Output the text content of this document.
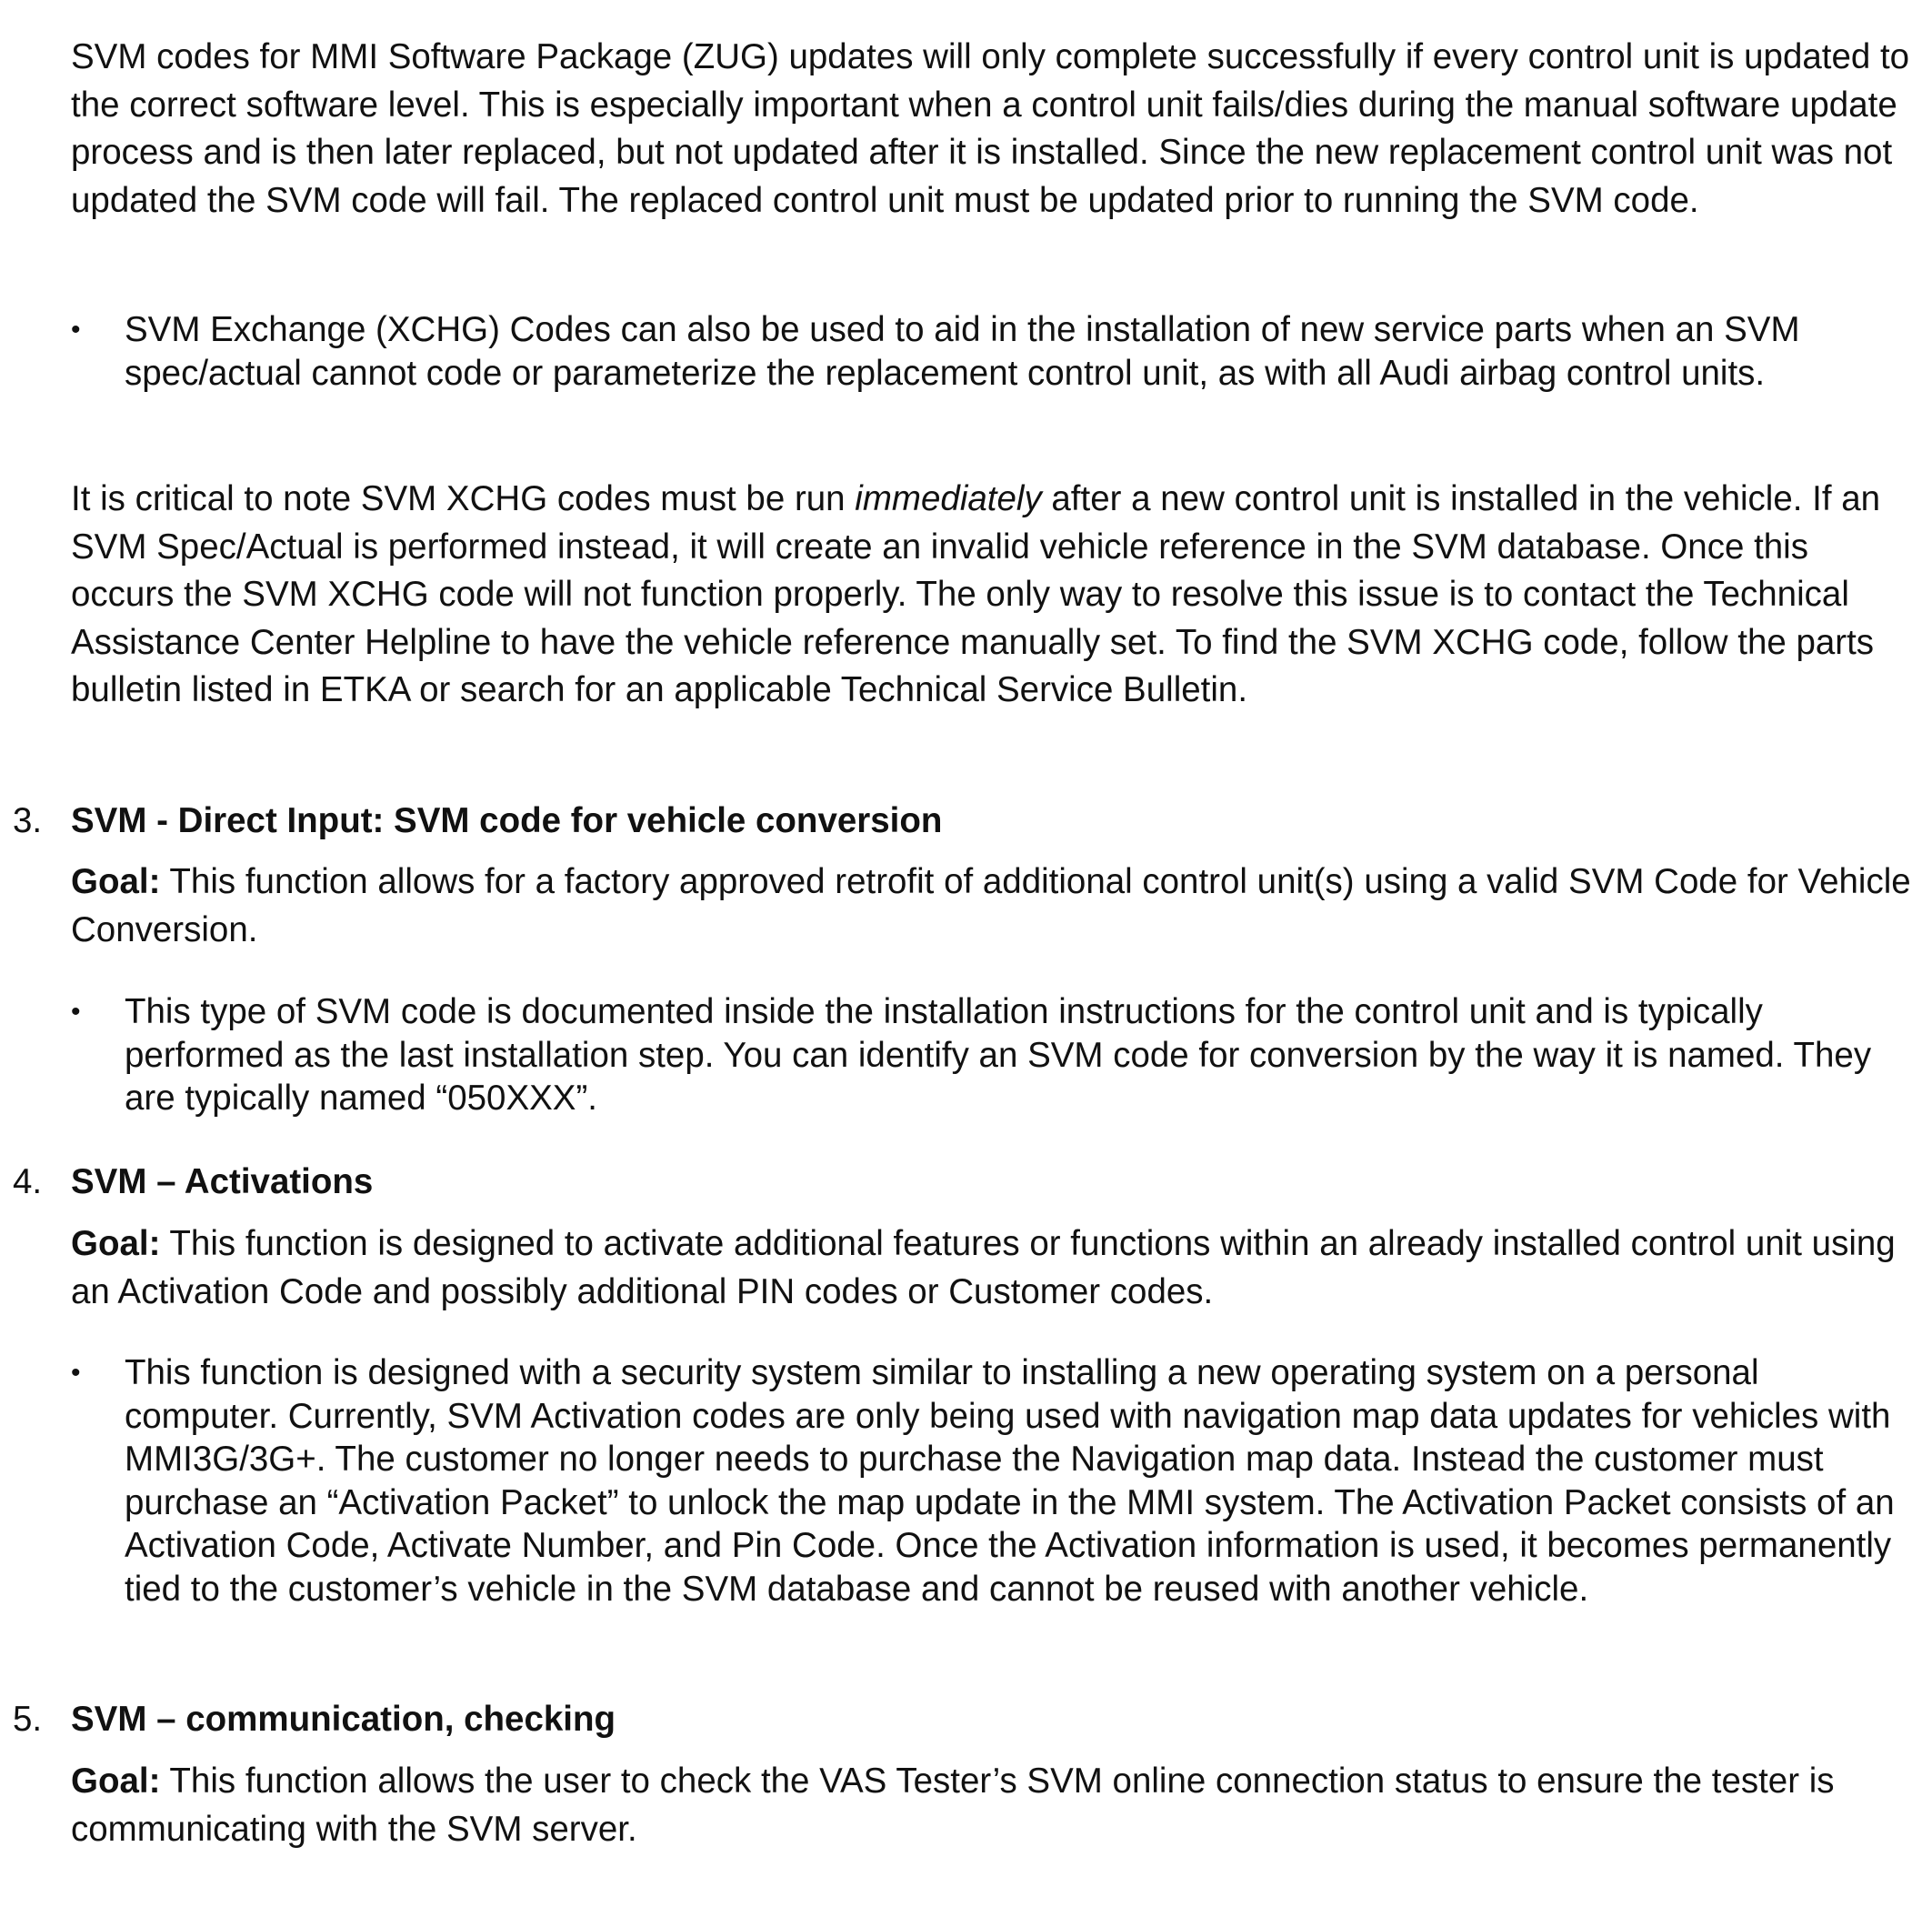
SVM codes for MMI Software Package (ZUG) updates will only complete successfully if every control unit is updated to the correct software level. This is especially important when a control unit fails/dies during the manual software update process and is then later replaced, but not updated after it is installed. Since the new replacement control unit was not updated the SVM code will fail. The replaced control unit must be updated prior to running the SVM code.

• SVM Exchange (XCHG) Codes can also be used to aid in the installation of new service parts when an SVM spec/actual cannot code or parameterize the replacement control unit, as with all Audi airbag control units.

It is critical to note SVM XCHG codes must be run immediately after a new control unit is installed in the vehicle. If an SVM Spec/Actual is performed instead, it will create an invalid vehicle reference in the SVM database. Once this occurs the SVM XCHG code will not function properly. The only way to resolve this issue is to contact the Technical Assistance Center Helpline to have the vehicle reference manually set. To find the SVM XCHG code, follow the parts bulletin listed in ETKA or search for an applicable Technical Service Bulletin.

3. SVM - Direct Input: SVM code for vehicle conversion

Goal: This function allows for a factory approved retrofit of additional control unit(s) using a valid SVM Code for Vehicle Conversion.

• This type of SVM code is documented inside the installation instructions for the control unit and is typically performed as the last installation step. You can identify an SVM code for conversion by the way it is named. They are typically named “050XXX”.
4. SVM – Activations

Goal: This function is designed to activate additional features or functions within an already installed control unit using an Activation Code and possibly additional PIN codes or Customer codes.

• This function is designed with a security system similar to installing a new operating system on a personal computer. Currently, SVM Activation codes are only being used with navigation map data updates for vehicles with MMI3G/3G+. The customer no longer needs to purchase the Navigation map data. Instead the customer must purchase an “Activation Packet” to unlock the map update in the MMI system. The Activation Packet consists of an Activation Code, Activate Number, and Pin Code. Once the Activation information is used, it becomes permanently tied to the customer’s vehicle in the SVM database and cannot be reused with another vehicle.
5. SVM – communication, checking

Goal: This function allows the user to check the VAS Tester’s SVM online connection status to ensure the tester is communicating with the SVM server.
